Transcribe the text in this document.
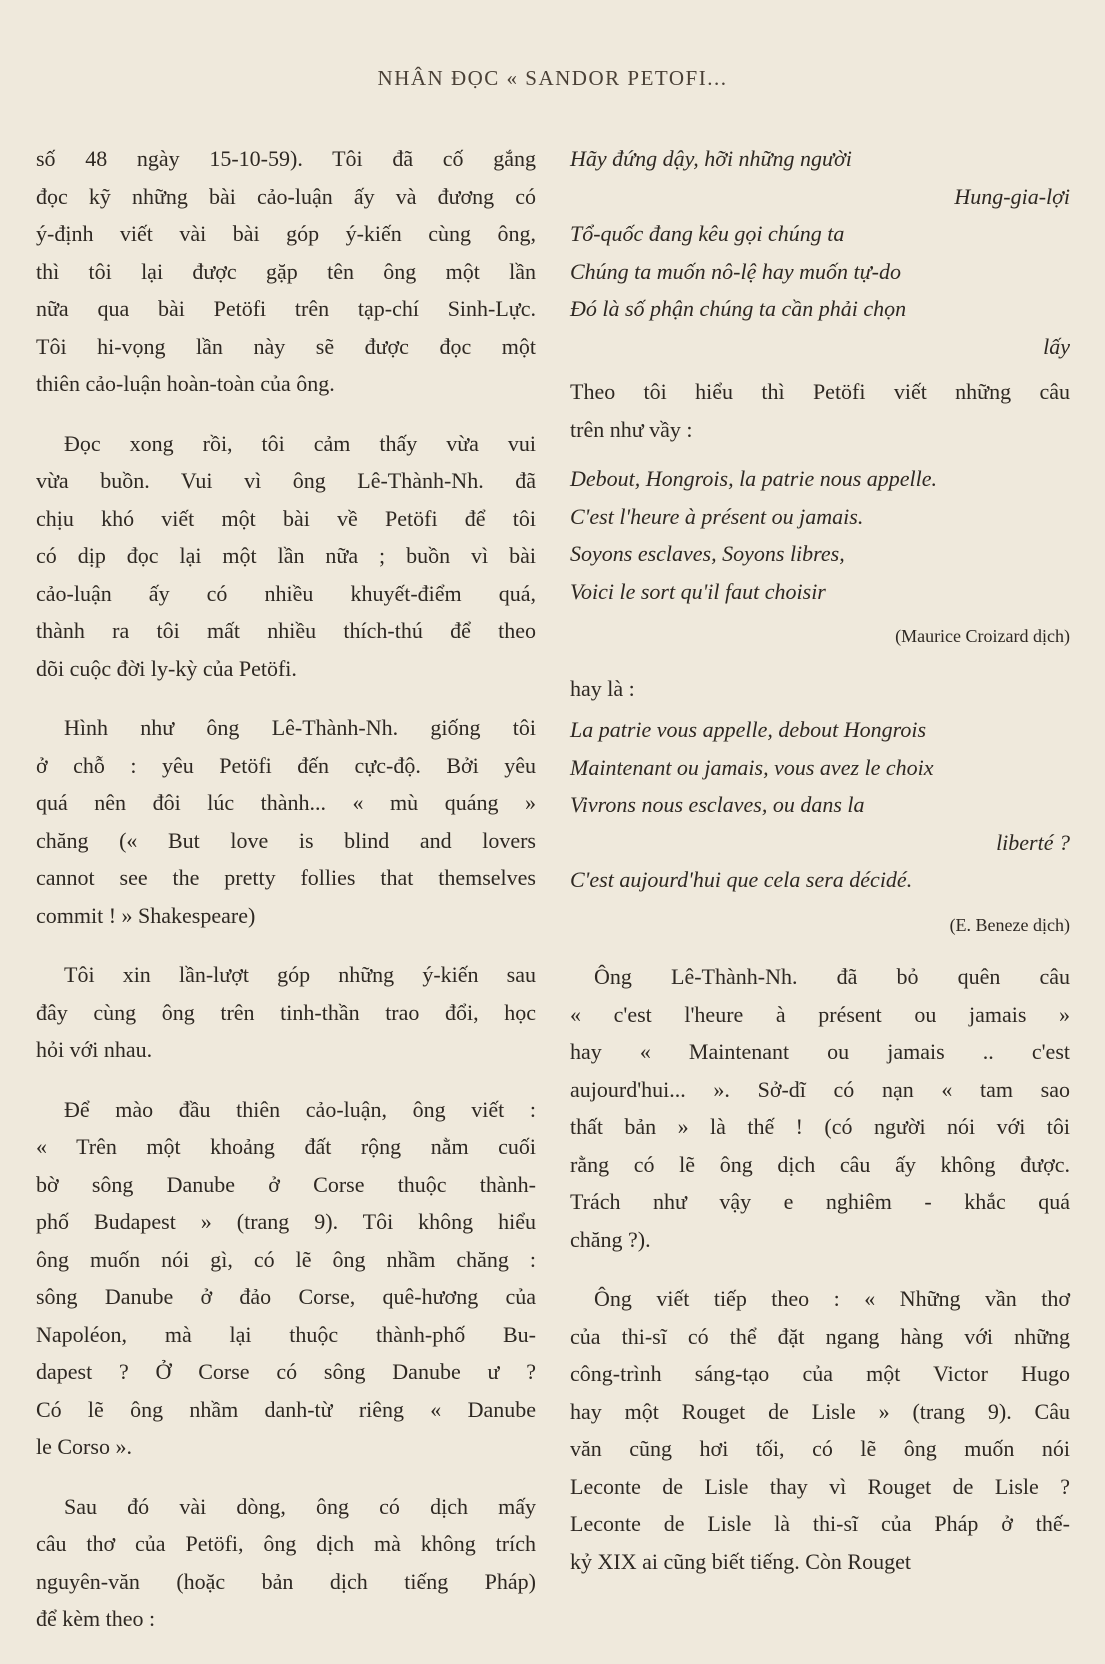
NHÂN ĐỌC « SANDOR PETOFI...
số 48 ngày 15-10-59). Tôi đã cố gắng
đọc kỹ những bài cảo-luận ấy và đương có
ý-định viết vài bài góp ý-kiến cùng ông,
thì tôi lại được gặp tên ông một lần
nữa qua bài Petöfi trên tạp-chí Sinh-Lực.
Tôi hi-vọng lần này sẽ được đọc một
thiên cảo-luận hoàn-toàn của ông.
Đọc xong rồi, tôi cảm thấy vừa vui
vừa buồn. Vui vì ông Lê-Thành-Nh. đã
chịu khó viết một bài về Petöfi để tôi
có dịp đọc lại một lần nữa ; buồn vì bài
cảo-luận ấy có nhiều khuyết-điểm quá,
thành ra tôi mất nhiều thích-thú để theo
dõi cuộc đời ly-kỳ của Petöfi.
Hình như ông Lê-Thành-Nh. giống tôi
ở chỗ : yêu Petöfi đến cực-độ. Bởi yêu
quá nên đôi lúc thành... « mù quáng »
chăng (« But love is blind and lovers
cannot see the pretty follies that themselves
commit ! » Shakespeare)
Tôi xin lần-lượt góp những ý-kiến sau
đây cùng ông trên tinh-thần trao đổi, học
hỏi với nhau.
Để mào đầu thiên cảo-luận, ông viết :
« Trên một khoảng đất rộng nằm cuối
bờ sông Danube ở Corse thuộc thành-
phố Budapest » (trang 9). Tôi không hiểu
ông muốn nói gì, có lẽ ông nhầm chăng :
sông Danube ở đảo Corse, quê-hương của
Napoléon, mà lại thuộc thành-phố Bu-
dapest ? Ở Corse có sông Danube ư ?
Có lẽ ông nhầm danh-từ riêng « Danube
le Corso ».
Sau đó vài dòng, ông có dịch mấy
câu thơ của Petöfi, ông dịch mà không trích
nguyên-văn (hoặc bản dịch tiếng Pháp)
để kèm theo :
Hãy đứng dậy, hỡi những người
Hung-gia-lợi
Tổ-quốc đang kêu gọi chúng ta
Chúng ta muốn nô-lệ hay muốn tự-do
Đó là số phận chúng ta cần phải chọn
lấy
Theo tôi hiểu thì Petöfi viết những câu
trên như vầy :
Debout, Hongrois, la patrie nous appelle.
C'est l'heure à présent ou jamais.
Soyons esclaves, Soyons libres,
Voici le sort qu'il faut choisir
(Maurice Croizard dịch)
hay là :
La patrie vous appelle, debout Hongrois
Maintenant ou jamais, vous avez le choix
Vivrons nous esclaves, ou dans la
liberté ?
C'est aujourd'hui que cela sera décidé.
(E. Beneze dịch)
Ông Lê-Thành-Nh. đã bỏ quên câu
« c'est l'heure à présent ou jamais »
hay « Maintenant ou jamais .. c'est
aujourd'hui... ». Sở-dĩ có nạn « tam sao
thất bản » là thế ! (có người nói với tôi
rằng có lẽ ông dịch câu ấy không được.
Trách như vậy e nghiêm - khắc quá
chăng ?).
Ông viết tiếp theo : « Những vần thơ
của thi-sĩ có thể đặt ngang hàng với những
công-trình sáng-tạo của một Victor Hugo
hay một Rouget de Lisle » (trang 9). Câu
văn cũng hơi tối, có lẽ ông muốn nói
Leconte de Lisle thay vì Rouget de Lisle ?
Leconte de Lisle là thi-sĩ của Pháp ở thế-
kỷ XIX ai cũng biết tiếng. Còn Rouget
